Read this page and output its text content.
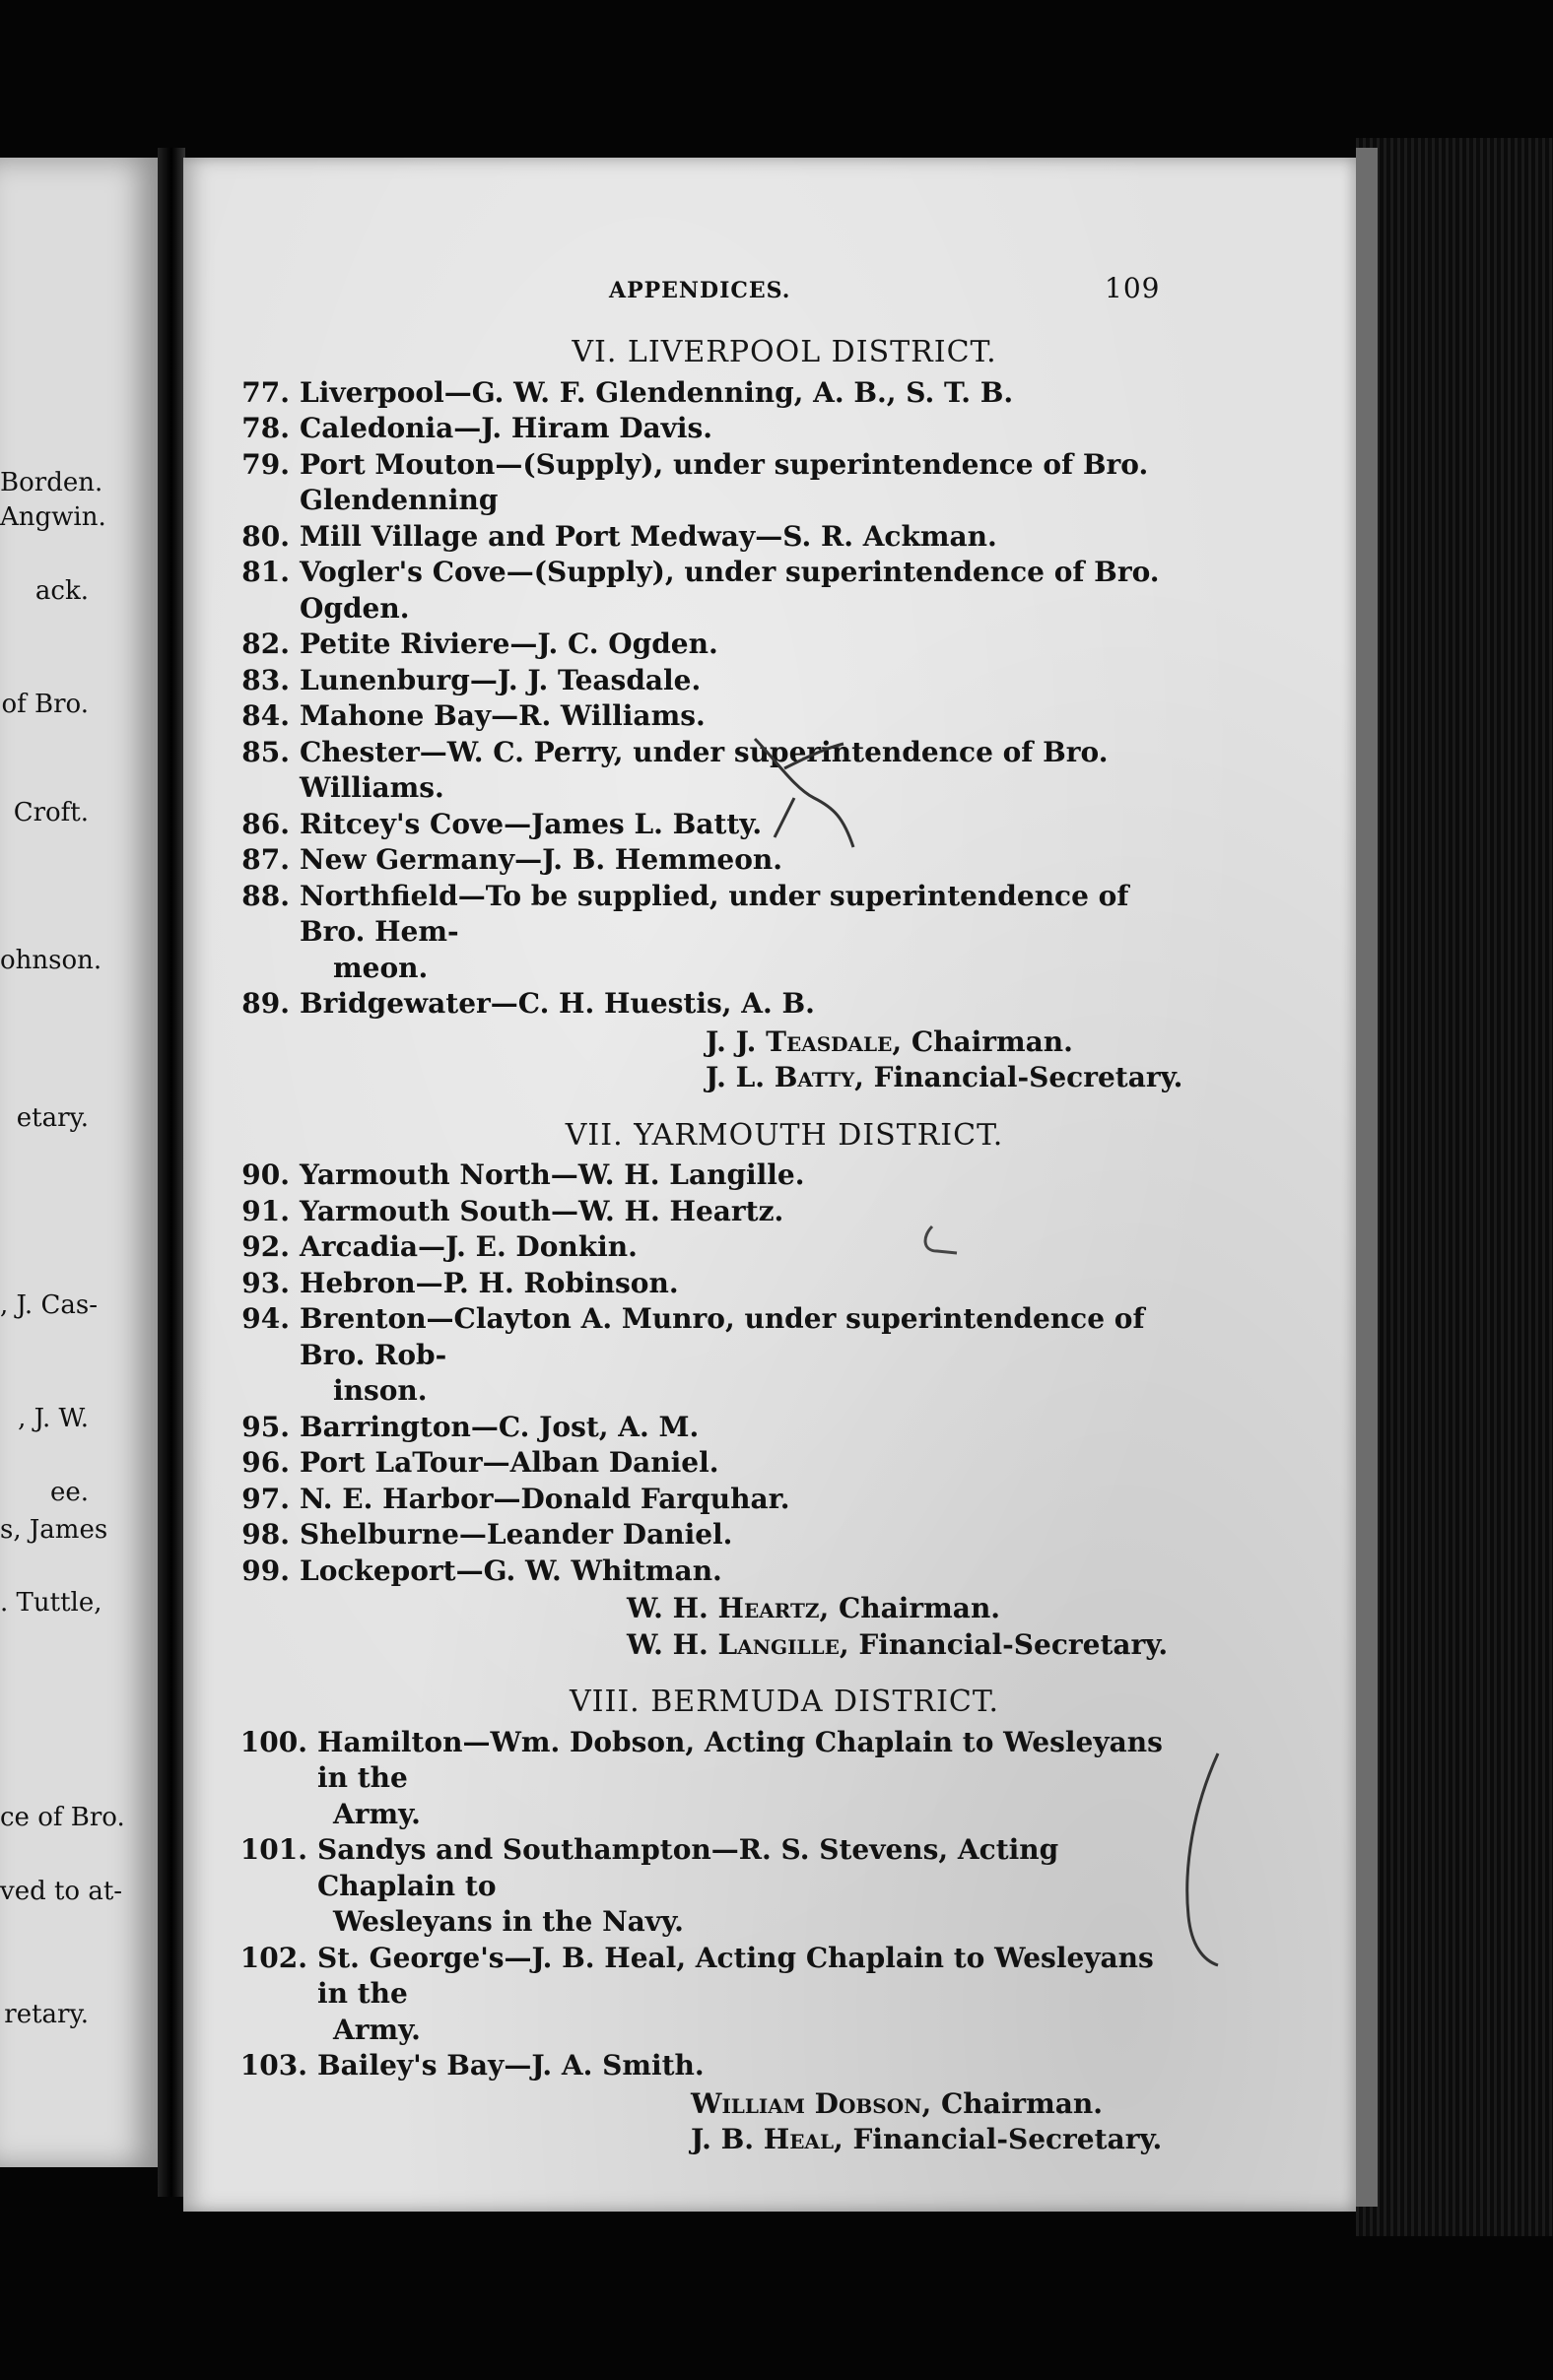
Borden.
Angwin.
ack.
of Bro.
Croft.
ohnson.
etary.
, J. Cas-
, J. W.
ee.
s, James
. Tuttle,
ce of Bro.
ved to at-
retary.
APPENDICES.	109
VI. LIVERPOOL DISTRICT.
77. Liverpool—G. W. F. Glendenning, A. B., S. T. B.
78. Caledonia—J. Hiram Davis.
79. Port Mouton—(Supply), under superintendence of Bro. Glendenning
80. Mill Village and Port Medway—S. R. Ackman.
81. Vogler's Cove—(Supply), under superintendence of Bro. Ogden.
82. Petite Riviere—J. C. Ogden.
83. Lunenburg—J. J. Teasdale.
84. Mahone Bay—R. Williams.
85. Chester—W. C. Perry, under superintendence of Bro. Williams.
86. Ritcey's Cove—James L. Batty.
87. New Germany—J. B. Hemmeon.
88. Northfield—To be supplied, under superintendence of Bro. Hem-
meon.
89. Bridgewater—C. H. Huestis, A. B.
J. J. Teasdale, Chairman.
J. L. Batty, Financial-Secretary.
VII. YARMOUTH DISTRICT.
90. Yarmouth North—W. H. Langille.
91. Yarmouth South—W. H. Heartz.
92. Arcadia—J. E. Donkin.
93. Hebron—P. H. Robinson.
94. Brenton—Clayton A. Munro, under superintendence of Bro. Rob-
inson.
95. Barrington—C. Jost, A. M.
96. Port LaTour—Alban Daniel.
97. N. E. Harbor—Donald Farquhar.
98. Shelburne—Leander Daniel.
99. Lockeport—G. W. Whitman.
W. H. Heartz, Chairman.
W. H. Langille, Financial-Secretary.
VIII. BERMUDA DISTRICT.
100. Hamilton—Wm. Dobson, Acting Chaplain to Wesleyans in the
Army.
101. Sandys and Southampton—R. S. Stevens, Acting Chaplain to
Wesleyans in the Navy.
102. St. George's—J. B. Heal, Acting Chaplain to Wesleyans in the
Army.
103. Bailey's Bay—J. A. Smith.
William Dobson, Chairman.
J. B. Heal, Financial-Secretary.
